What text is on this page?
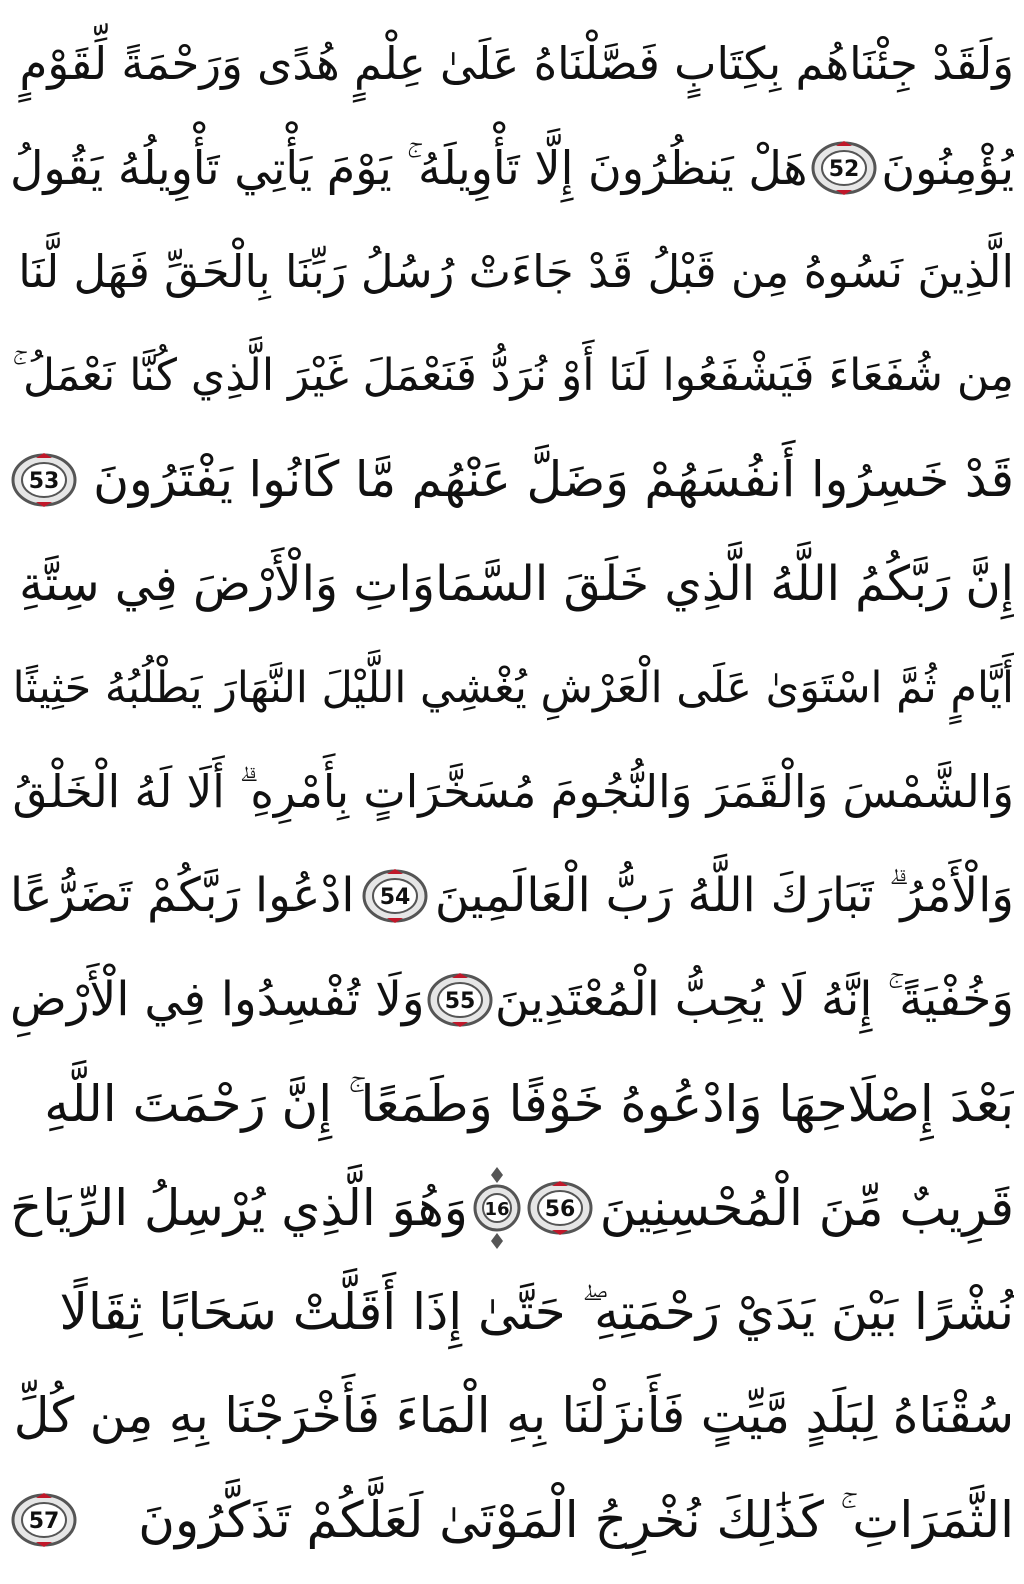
وَلَقَدْ جِئْنَاهُم بِكِتَابٍ فَصَّلْنَاهُ عَلَىٰ عِلْمٍ هُدًى وَرَحْمَةً لِّقَوْمٍ
يُؤْمِنُونَ
52
هَلْ يَنظُرُونَ إِلَّا تَأْوِيلَهُ ۚ يَوْمَ يَأْتِي تَأْوِيلُهُ يَقُولُ
الَّذِينَ نَسُوهُ مِن قَبْلُ قَدْ جَاءَتْ رُسُلُ رَبِّنَا بِالْحَقِّ فَهَل لَّنَا
مِن شُفَعَاءَ فَيَشْفَعُوا لَنَا أَوْ نُرَدُّ فَنَعْمَلَ غَيْرَ الَّذِي كُنَّا نَعْمَلُ ۚ
قَدْ خَسِرُوا أَنفُسَهُمْ وَضَلَّ عَنْهُم مَّا كَانُوا يَفْتَرُونَ
53
إِنَّ رَبَّكُمُ اللَّهُ الَّذِي خَلَقَ السَّمَاوَاتِ وَالْأَرْضَ فِي سِتَّةِ
أَيَّامٍ ثُمَّ اسْتَوَىٰ عَلَى الْعَرْشِ يُغْشِي اللَّيْلَ النَّهَارَ يَطْلُبُهُ حَثِيثًا
وَالشَّمْسَ وَالْقَمَرَ وَالنُّجُومَ مُسَخَّرَاتٍ بِأَمْرِهِ ۗ أَلَا لَهُ الْخَلْقُ
وَالْأَمْرُ ۗ تَبَارَكَ اللَّهُ رَبُّ الْعَالَمِينَ
54
ادْعُوا رَبَّكُمْ تَضَرُّعًا
وَخُفْيَةً ۚ إِنَّهُ لَا يُحِبُّ الْمُعْتَدِينَ
55
وَلَا تُفْسِدُوا فِي الْأَرْضِ
بَعْدَ إِصْلَاحِهَا وَادْعُوهُ خَوْفًا وَطَمَعًا ۚ إِنَّ رَحْمَتَ اللَّهِ
قَرِيبٌ مِّنَ الْمُحْسِنِينَ
56
16
وَهُوَ الَّذِي يُرْسِلُ الرِّيَاحَ
نُشْرًا بَيْنَ يَدَيْ رَحْمَتِهِ ۖ حَتَّىٰ إِذَا أَقَلَّتْ سَحَابًا ثِقَالًا
سُقْنَاهُ لِبَلَدٍ مَّيِّتٍ فَأَنزَلْنَا بِهِ الْمَاءَ فَأَخْرَجْنَا بِهِ مِن كُلِّ
الثَّمَرَاتِ ۚ كَذَٰلِكَ نُخْرِجُ الْمَوْتَىٰ لَعَلَّكُمْ تَذَكَّرُونَ
57
